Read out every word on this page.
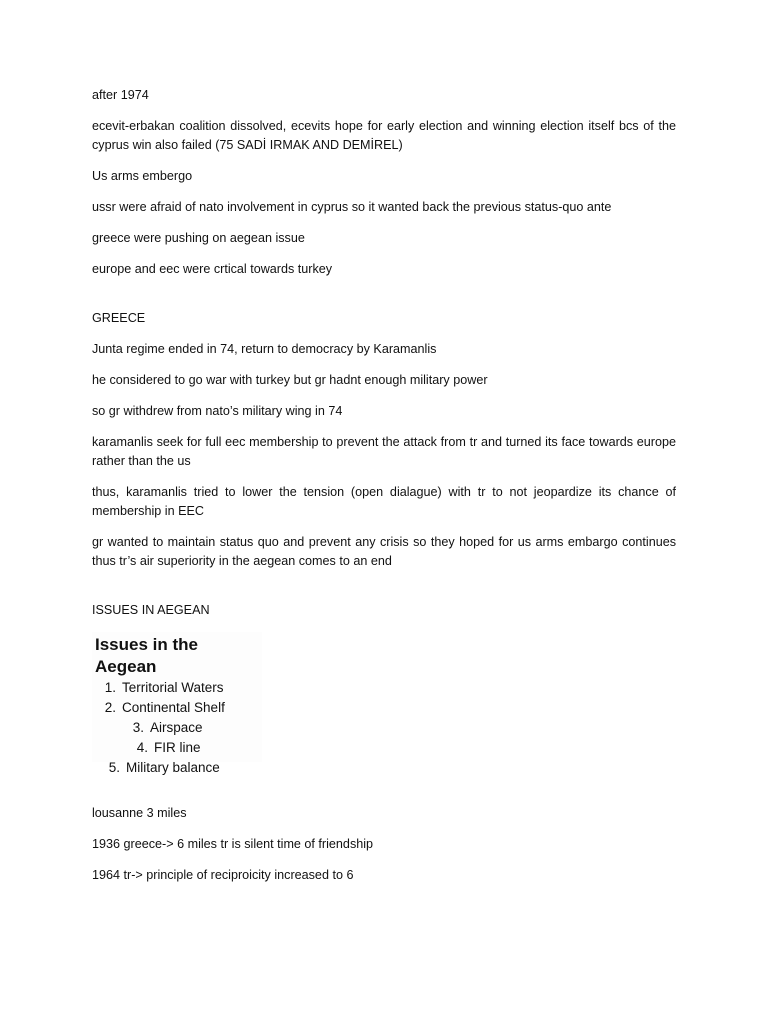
after 1974

ecevit-erbakan coalition dissolved, ecevits hope for early election and winning election itself bcs of the cyprus win also failed (75 SADİ IRMAK AND DEMİREL)

Us arms embergo

ussr were afraid of nato involvement in cyprus so it wanted back the previous status-quo ante

greece were pushing on aegean issue

europe and eec were crtical towards turkey

GREECE

Junta regime ended in 74, return to democracy by Karamanlis

he considered to go war with turkey but gr hadnt enough military power

so gr withdrew from nato’s military wing in 74

karamanlis seek for full eec membership to prevent the attack from tr and turned its face towards europe rather than the us

thus, karamanlis tried to lower the tension (open dialague) with tr to not jeopardize its chance of membership in EEC

gr wanted to maintain status quo and prevent any crisis so they hoped for us arms embargo continues thus tr’s air superiority in the aegean comes to an end

ISSUES IN AEGEAN

Issues in the Aegean
1. Territorial Waters
2. Continental Shelf
3. Airspace
4. FIR line
5. Military balance

lousanne 3 miles

1936 greece-> 6 miles tr is silent time of friendship

1964 tr-> principle of reciproicity increased to 6
